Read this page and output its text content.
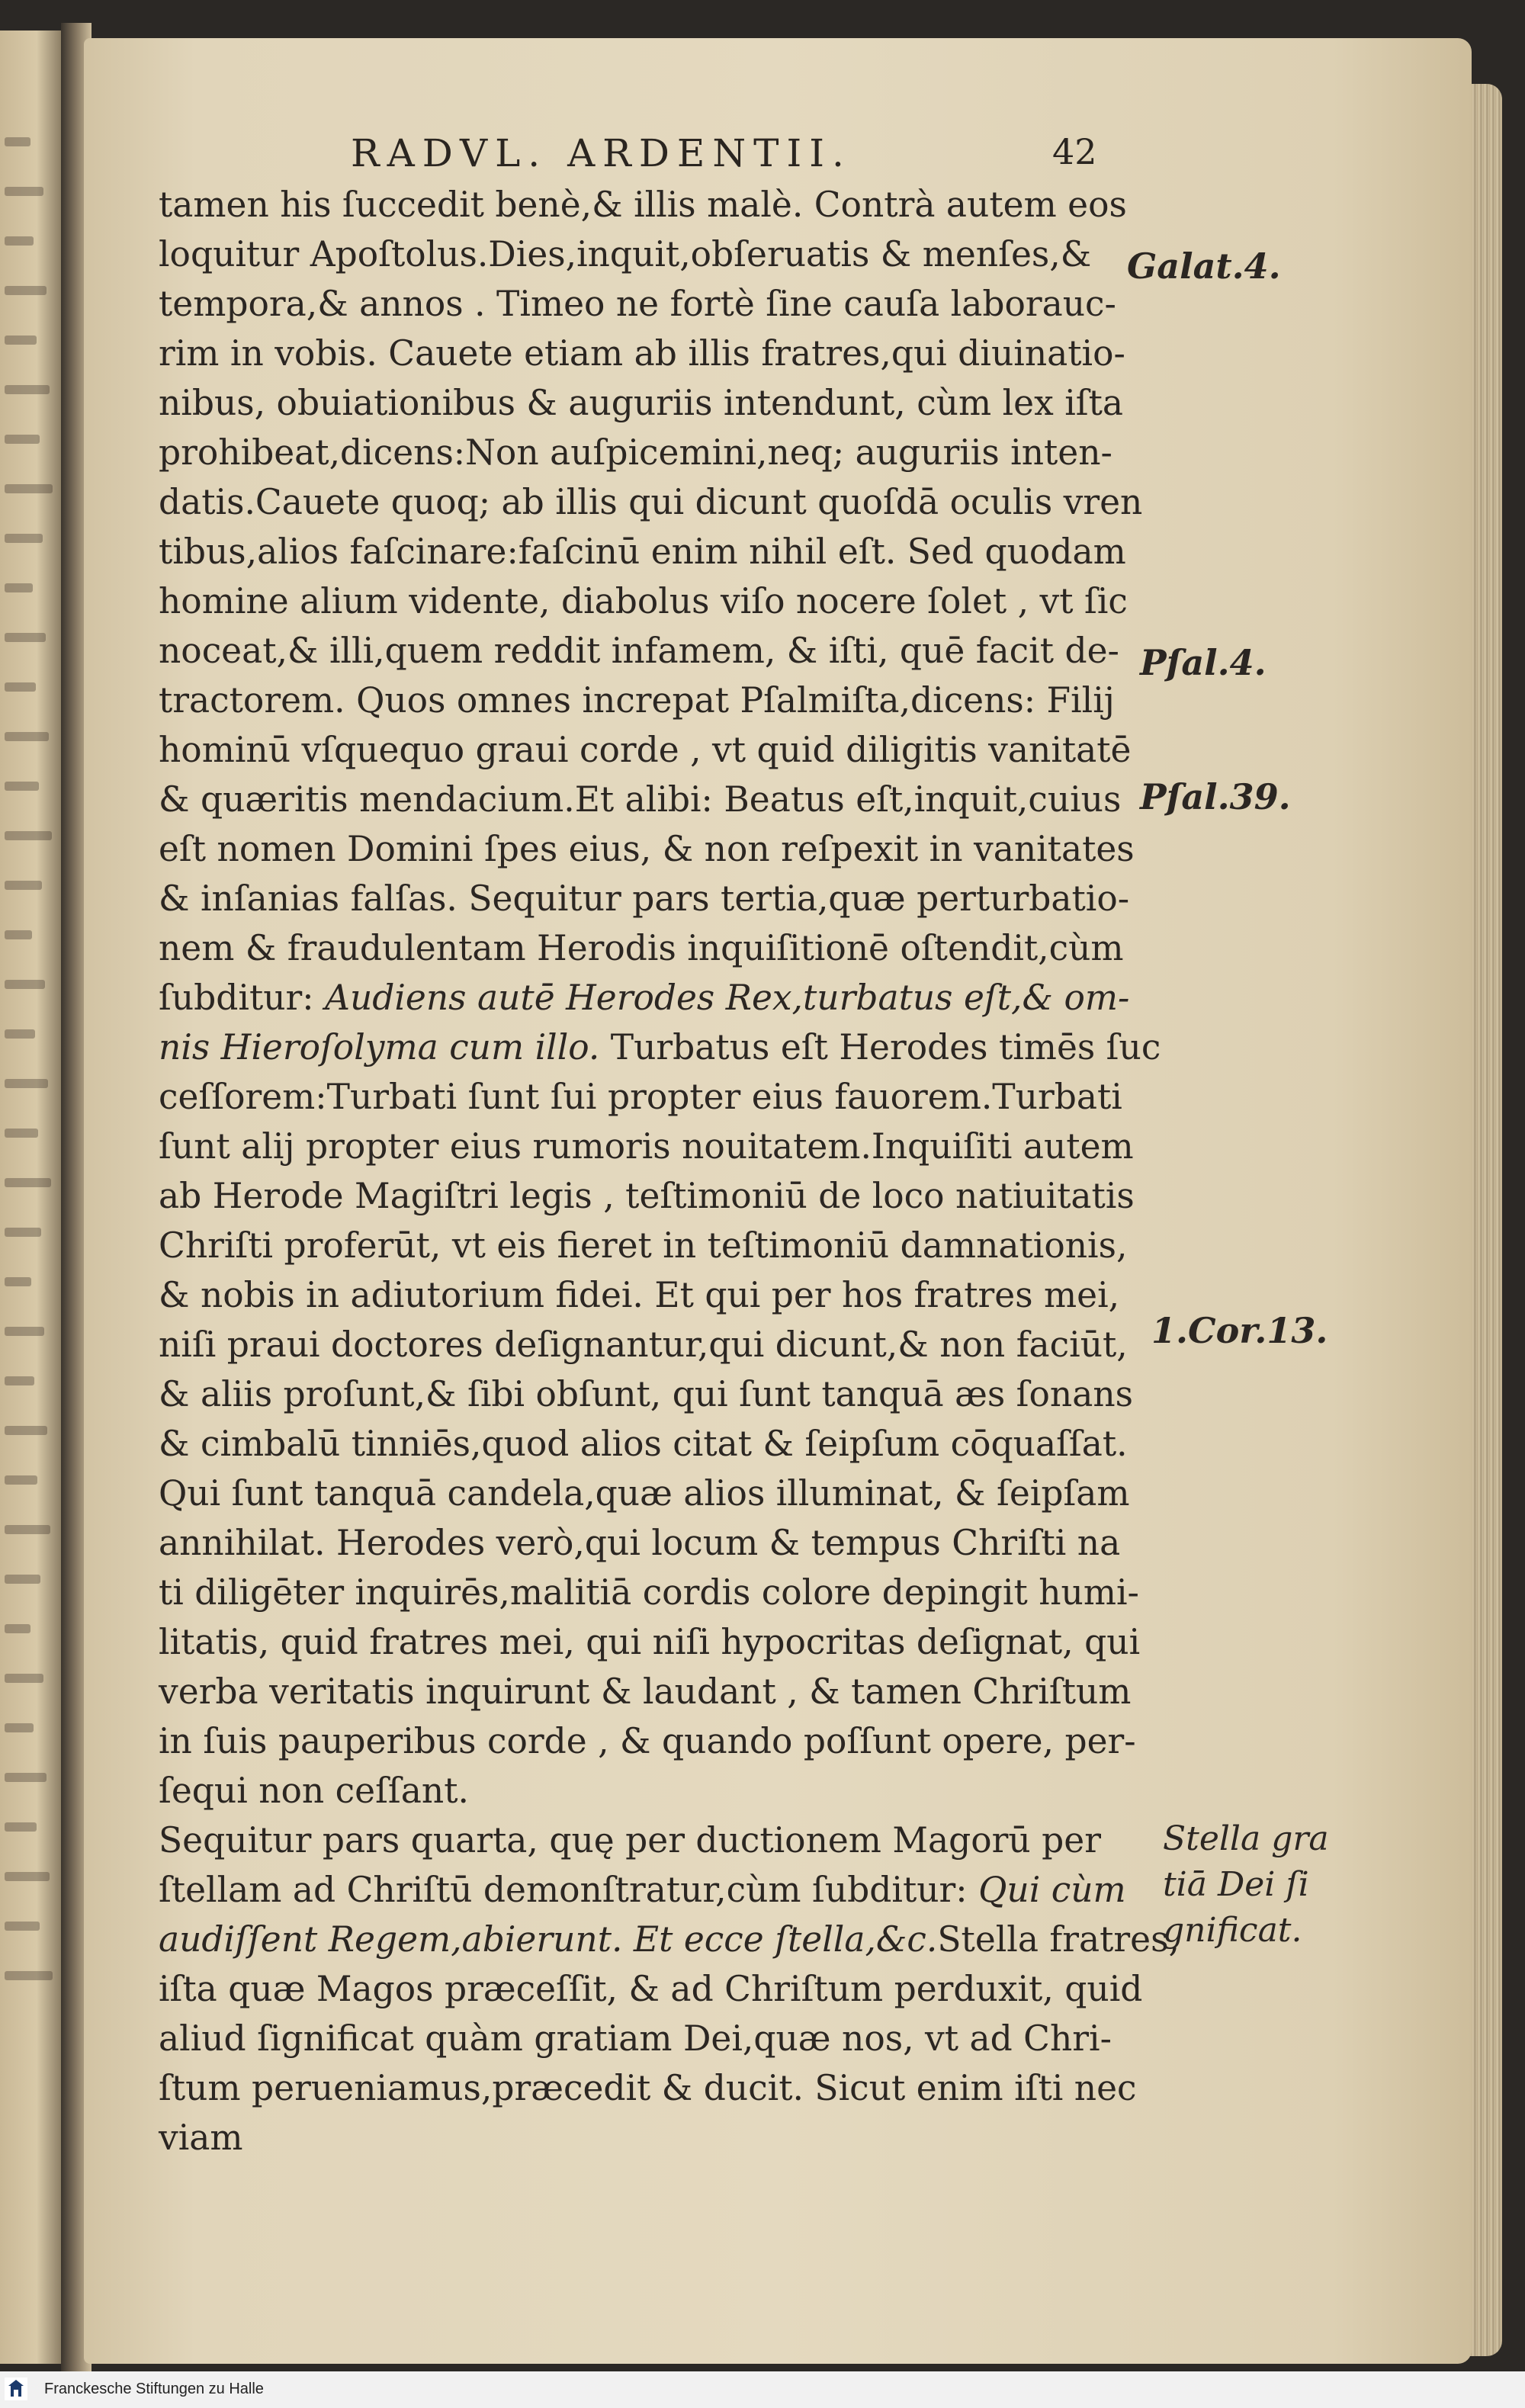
RADVL. ARDENTII.	42
tamen his ſuccedit benè,& illis malè. Contrà autem eos
loquitur Apoſtolus.Dies,inquit,obſeruatis & menſes,&
tempora,& annos . Timeo ne fortè ſine cauſa laborauc-
rim in vobis. Cauete etiam ab illis fratres,qui diuinatio-
nibus, obuiationibus & auguriis intendunt, cùm lex iſta
prohibeat,dicens:Non auſpicemini,neq; auguriis inten-
datis.Cauete quoq; ab illis qui dicunt quoſdā oculis vren
tibus,alios faſcinare:faſcinū enim nihil eſt. Sed quodam
homine alium vidente, diabolus viſo nocere ſolet , vt ſic
noceat,& illi,quem reddit infamem, & iſti, quē facit de-
tractorem. Quos omnes increpat Pſalmiſta,dicens: Filij
hominū vſquequo graui corde , vt quid diligitis vanitatē
& quæritis mendacium.Et alibi: Beatus eſt,inquit,cuius
eſt nomen Domini ſpes eius, & non reſpexit in vanitates
& inſanias falſas. Sequitur pars tertia,quæ perturbatio-
nem & fraudulentam Herodis inquiſitionē oſtendit,cùm
ſubditur: Audiens autē Herodes Rex,turbatus eſt,& om-
nis Hieroſolyma cum illo. Turbatus eſt Herodes timēs ſuc
ceſſorem:Turbati ſunt ſui propter eius fauorem.Turbati
ſunt alij propter eius rumoris nouitatem.Inquiſiti autem
ab Herode Magiſtri legis , teſtimoniū de loco natiuitatis
Chriſti proferūt, vt eis fieret in teſtimoniū damnationis,
& nobis in adiutorium fidei. Et qui per hos fratres mei,
niſi praui doctores deſignantur,qui dicunt,& non faciūt,
& aliis proſunt,& ſibi obſunt, qui ſunt tanquā æs ſonans
& cimbalū tinniēs,quod alios citat & ſeipſum cōquaſſat.
Qui ſunt tanquā candela,quæ alios illuminat, & ſeipſam
annihilat. Herodes verò,qui locum & tempus Chriſti na
ti diligēter inquirēs,malitiā cordis colore depingit humi-
litatis, quid fratres mei, qui niſi hypocritas deſignat, qui
verba veritatis inquirunt & laudant , & tamen Chriſtum
in ſuis pauperibus corde , & quando poſſunt opere, per-
ſequi non ceſſant.
Sequitur pars quarta, quę per ductionem Magorū per
ſtellam ad Chriſtū demonſtratur,cùm ſubditur: Qui cùm
audiſſent Regem,abierunt. Et ecce ſtella,&c.Stella fratres,
iſta quæ Magos præceſſit, & ad Chriſtum perduxit, quid
aliud ſignificat quàm gratiam Dei,quæ nos, vt ad Chri-
ſtum perueniamus,præcedit & ducit. Sicut enim iſti nec
viam
Galat.4.
Pſal.4.
Pſal.39.
1.Cor.13.
Stella gra
tiā Dei ſi
gnificat.
Franckesche Stiftungen zu Halle
